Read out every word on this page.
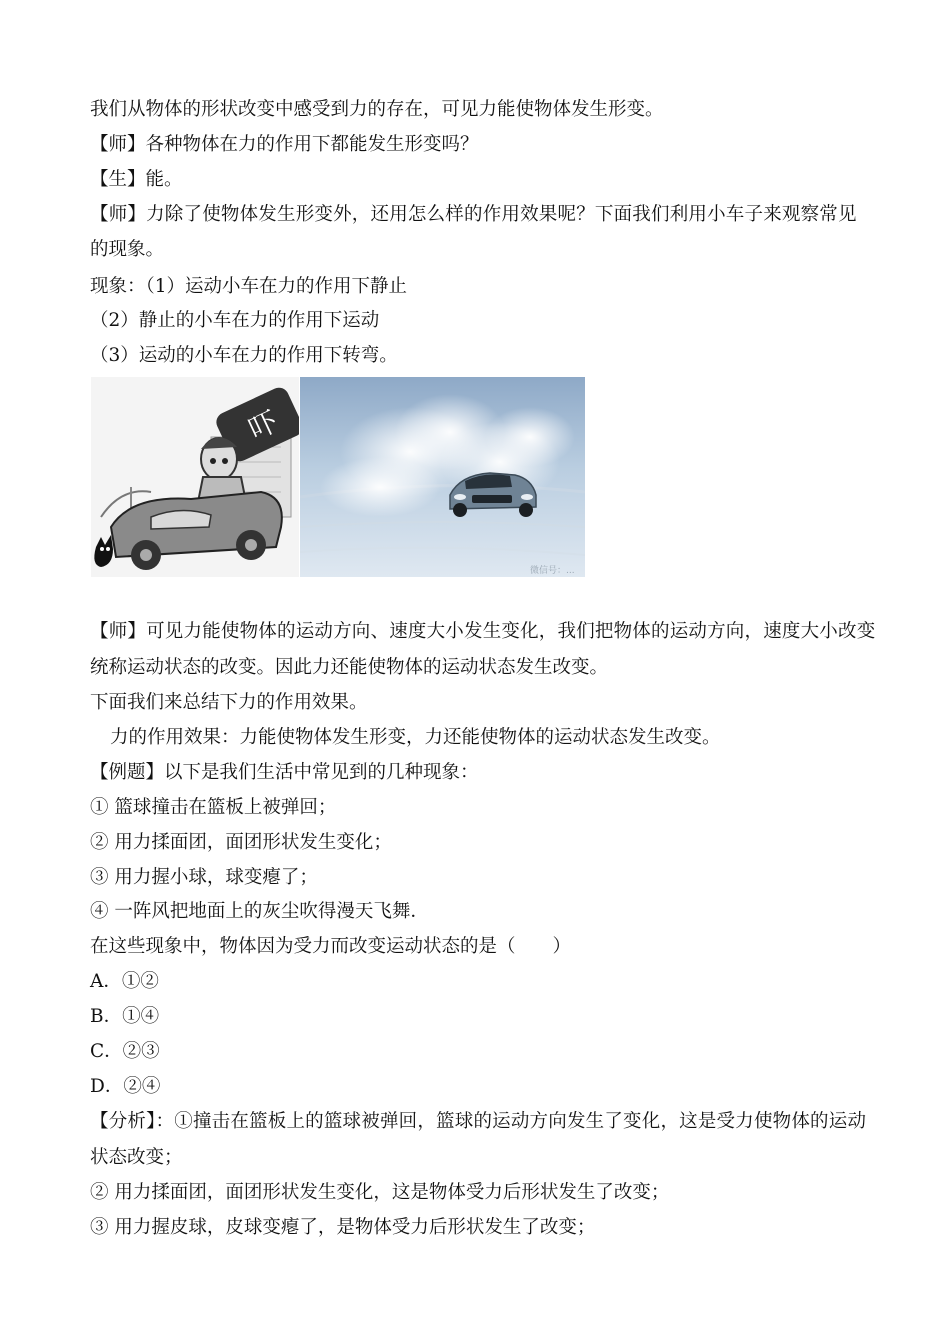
我们从物体的形状改变中感受到力的存在，可见力能使物体发生形变。
【师】各种物体在力的作用下都能发生形变吗？
【生】能。
【师】力除了使物体发生形变外，还用怎么样的作用效果呢？下面我们利用小车子来观察常见
的现象。
现象：（1）运动小车在力的作用下静止
（2）静止的小车在力的作用下运动
（3）运动的小车在力的作用下转弯。
吓
微信号：...
【师】可见力能使物体的运动方向、速度大小发生变化，我们把物体的运动方向，速度大小改变
统称运动状态的改变。因此力还能使物体的运动状态发生改变。
下面我们来总结下力的作用效果。
力的作用效果：力能使物体发生形变，力还能使物体的运动状态发生改变。
【例题】以下是我们生活中常见到的几种现象：
① 篮球撞击在篮板上被弹回；
② 用力揉面团，面团形状发生变化；
③ 用力握小球，球变瘪了；
④ 一阵风把地面上的灰尘吹得漫天飞舞．
在这些现象中，物体因为受力而改变运动状态的是（　　）
A．①②
B．①④
C．②③
D．②④
【分析】：①撞击在篮板上的篮球被弹回，篮球的运动方向发生了变化，这是受力使物体的运动
状态改变；
② 用力揉面团，面团形状发生变化，这是物体受力后形状发生了改变；
③ 用力握皮球，皮球变瘪了，是物体受力后形状发生了改变；
